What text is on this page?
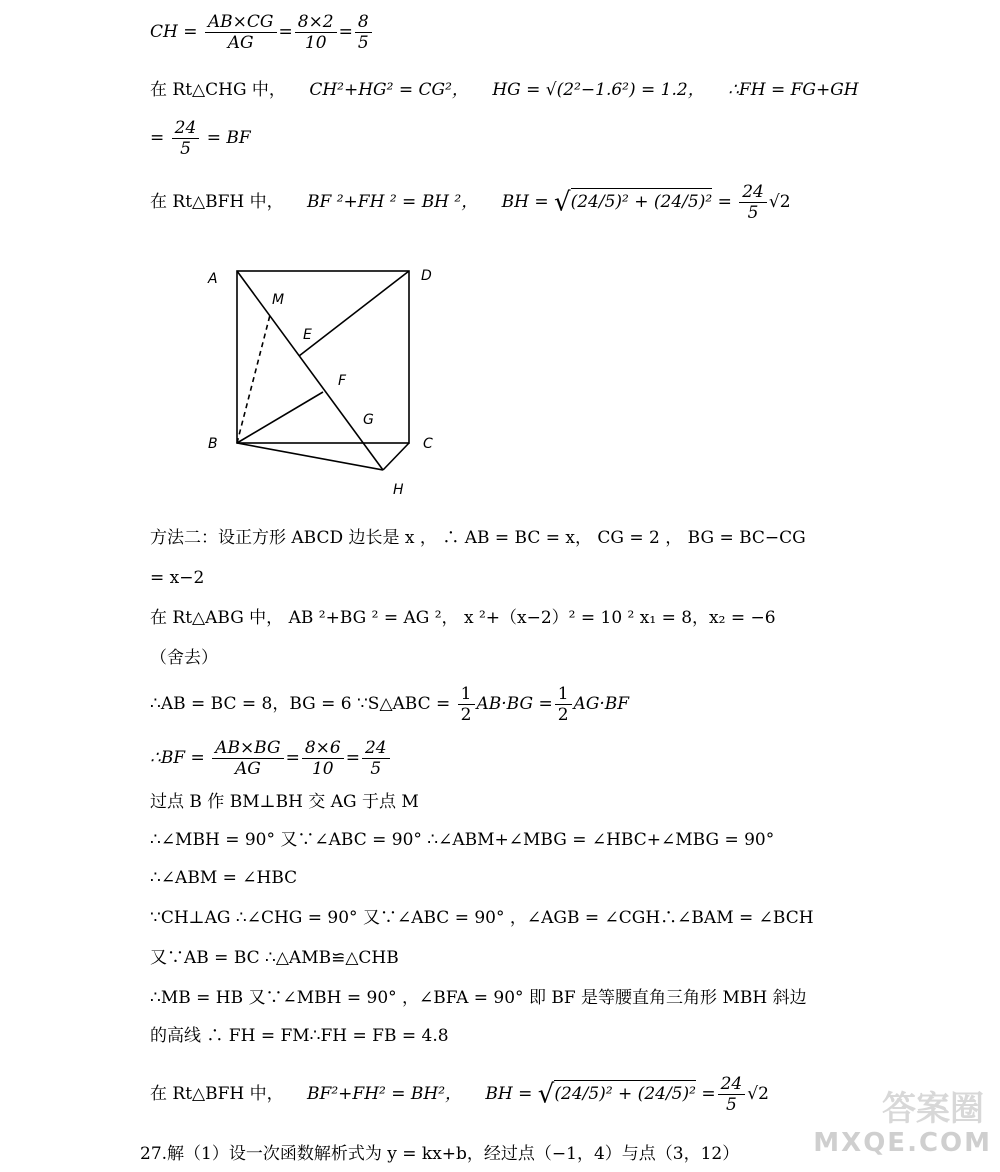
CH = $\frac{AB\times CG}{AG} = \frac{8\times 2}{10} = \frac{8}{5}$
在 Rt△CHG 中， CH²+HG² = CG²， HG = √(2²−1.6²) = 1.2， ∴FH = FG+GH
= $\frac{24}{5}$ = BF
在 Rt△BFH 中， BF ²+FH ² = BH ²， BH = $√(24/5)^2 + (24/5)^2 = \frac{24}{5} √2$
A	D
M
E
F
G
B	C
H
方法二：设正方形 ABCD 边长是 x ， ∴ AB = BC = x， CG = 2 ， BG = BC−CG
= x−2
在 Rt△ABG 中， AB ²+BG ² = AG ²， x ²+（x−2）² = 10 ² x₁ = 8，x₂ = −6
（舍去）
∴AB = BC = 8，BG = 6 ∵S△ABC = $\frac{1}{2} AB\cdot BG = \frac{1}{2} AG\cdot BF$
∴BF = $\frac{AB\times BG}{AG} = \frac{8\times 6}{10} = \frac{24}{5}$
过点 B 作 BM⊥BH 交 AG 于点 M
∴∠MBH = 90° 又∵∠ABC = 90° ∴∠ABM+∠MBG = ∠HBC+∠MBG = 90°
∴∠ABM = ∠HBC
∵CH⊥AG ∴∠CHG = 90° 又∵∠ABC = 90° ，∠AGB = ∠CGH∴∠BAM = ∠BCH
又∵AB = BC ∴△AMB≌△CHB
∴MB = HB 又∵∠MBH = 90° ，∠BFA = 90° 即 BF 是等腰直角三角形 MBH 斜边
的高线 ∴ FH = FM∴FH = FB = 4.8
在 Rt△BFH 中， BF²+FH² = BH²， BH = $√(24/5)^2 + (24/5)^2 = \frac{24}{5} √2$
27.解（1）设一次函数解析式为 y = kx+b，经过点（−1，4）与点（3，12）
答案圈
MXQE.COM
